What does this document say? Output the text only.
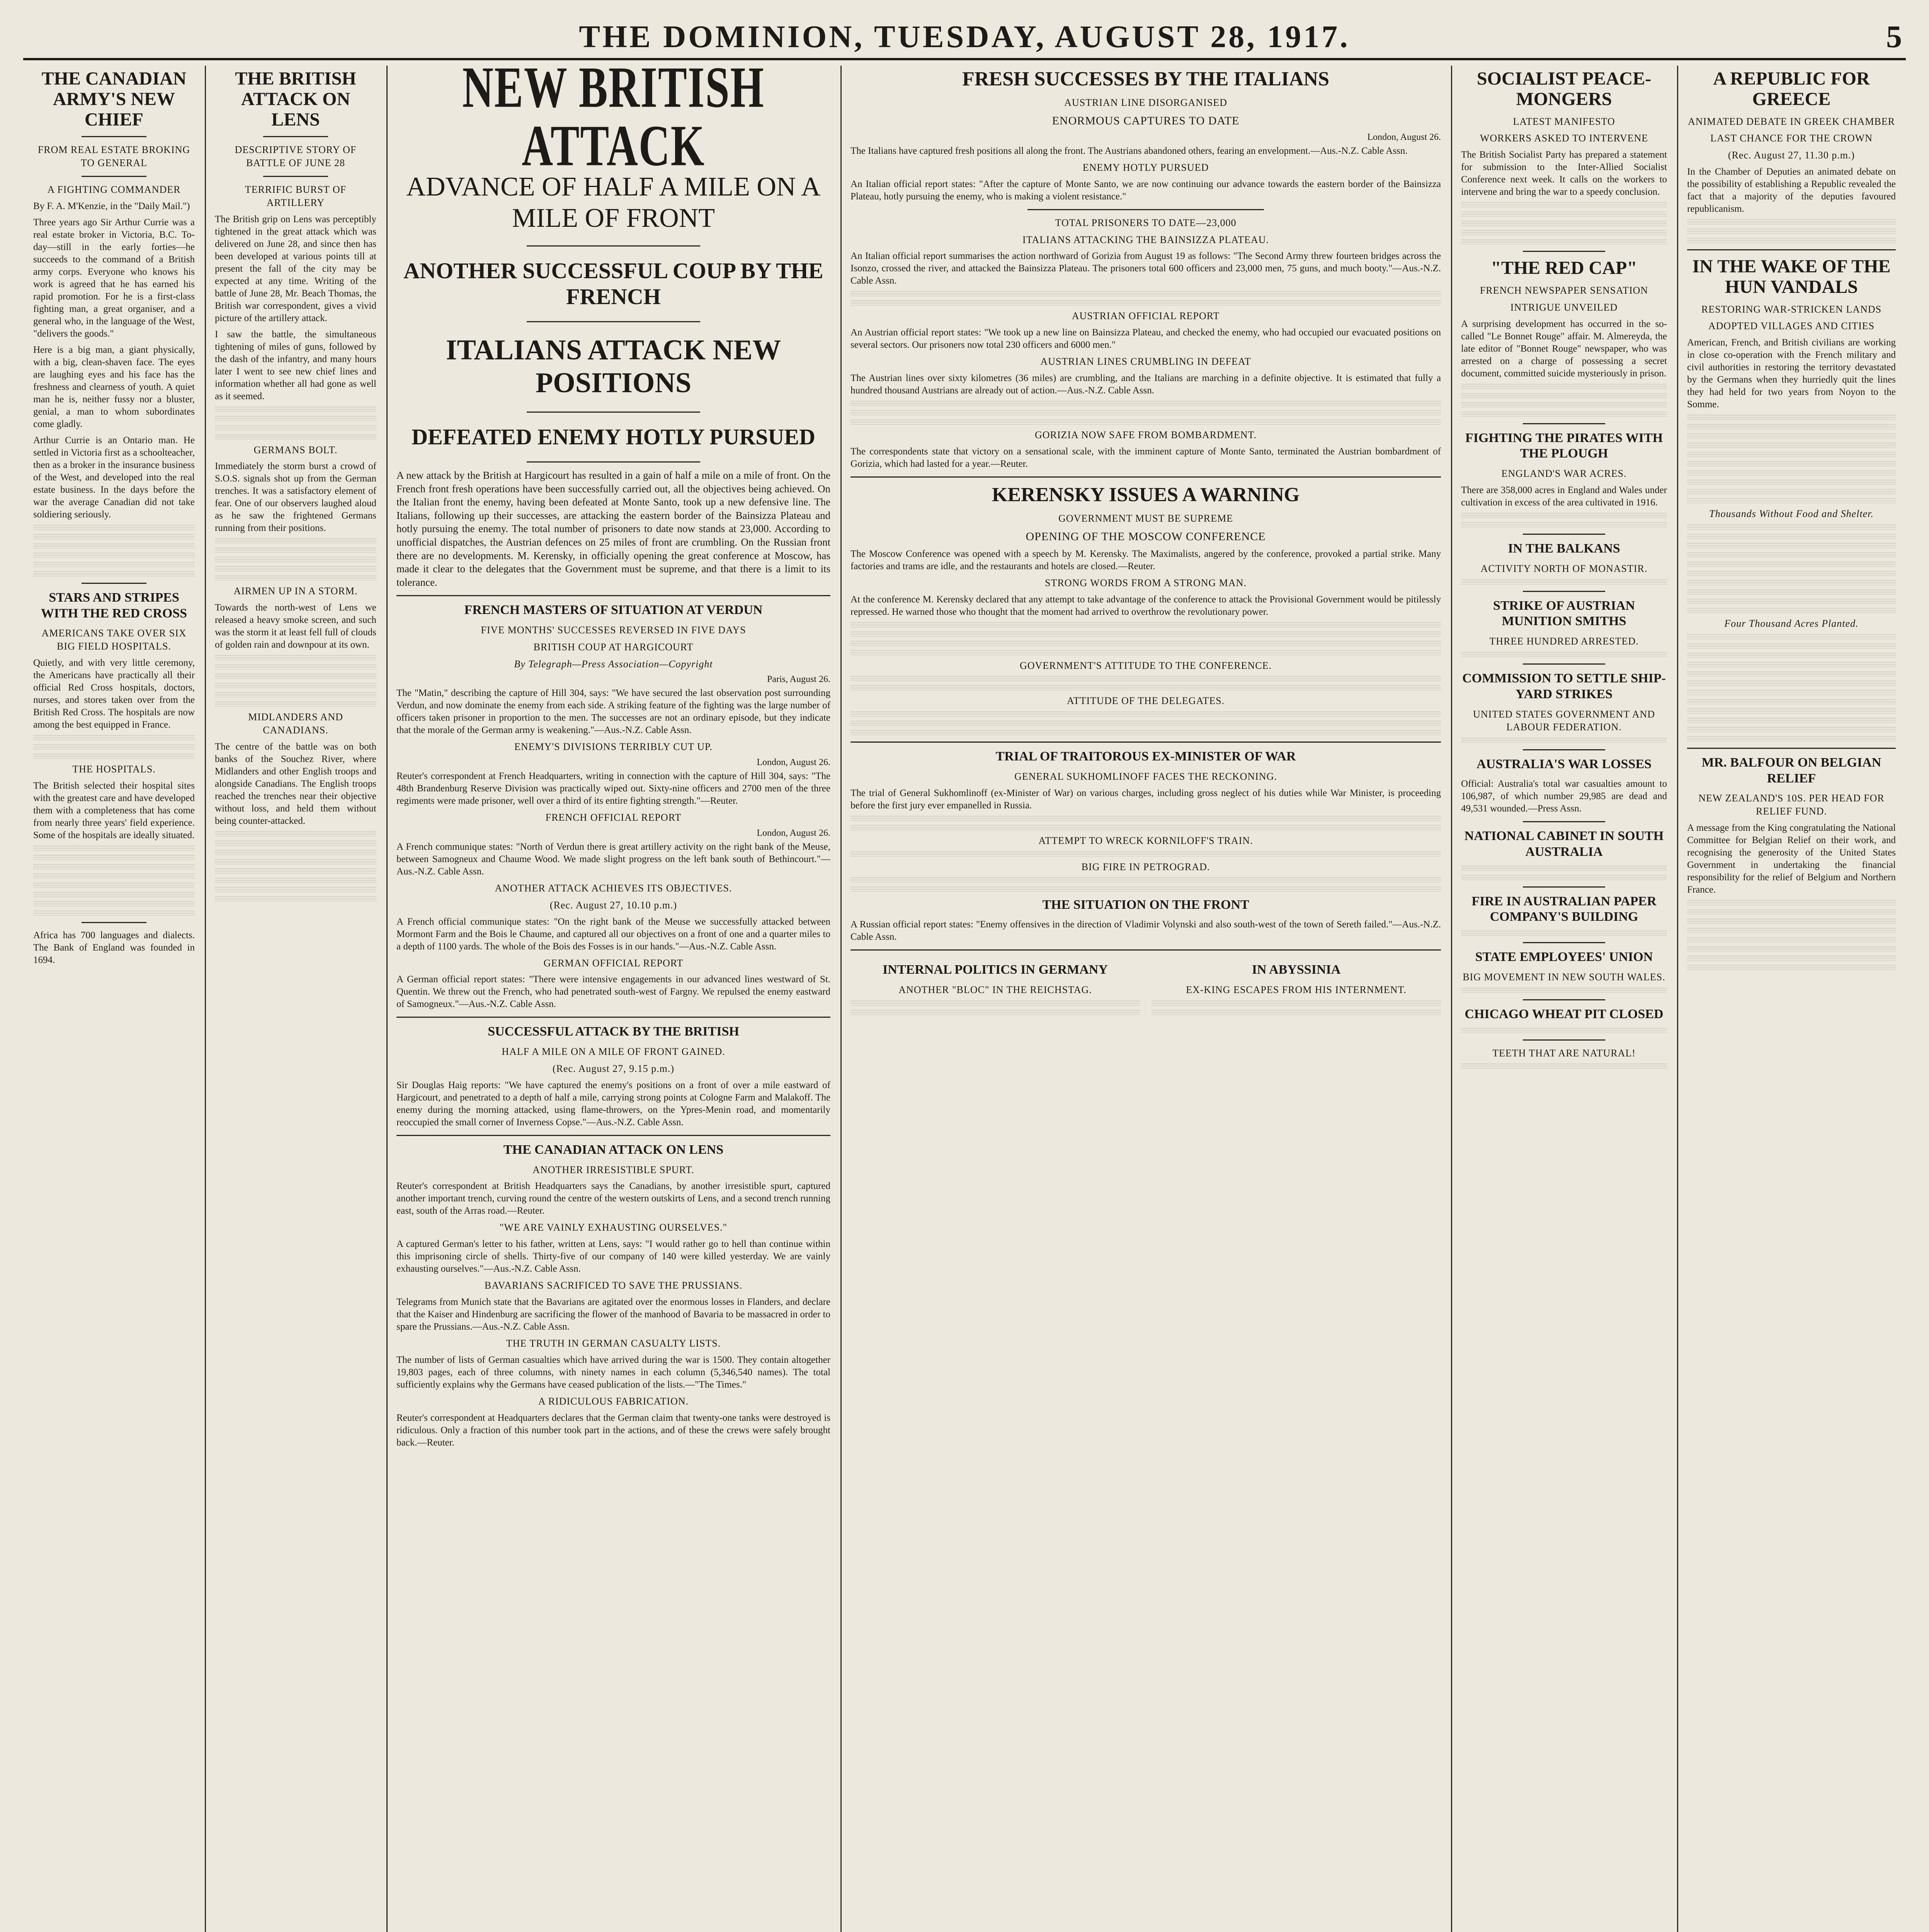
THE DOMINION, TUESDAY, AUGUST 28, 1917.	5
THE CANADIAN ARMY'S NEW CHIEF
FROM REAL ESTATE BROKING TO GENERAL
A FIGHTING COMMANDER

By F. A. M'Kenzie, in the "Daily Mail.")

Three years ago Sir Arthur Currie was a real estate broker in Victoria, B.C. To-day—still in the early forties—he succeeds to the command of a British army corps. Everyone who knows his work is agreed that he has earned his rapid promotion. For he is a first-class fighting man, a great organiser, and a general who, in the language of the West, "delivers the goods."

Here is a big man, a giant physically, with a big, clean-shaven face. The eyes are laughing eyes and his face has the freshness and clearness of youth. A quiet man he is, neither fussy nor a bluster, genial, a man to whom subordinates come gladly.

Arthur Currie is an Ontario man. He settled in Victoria first as a schoolteacher, then as a broker in the insurance business of the West, and developed into the real estate business. In the days before the war the average Canadian did not take soldiering seriously.

STARS AND STRIPES WITH THE RED CROSS
AMERICANS TAKE OVER SIX BIG FIELD HOSPITALS.

Quietly, and with very little ceremony, the Americans have practically all their official Red Cross hospitals, doctors, nurses, and stores taken over from the British Red Cross. The hospitals are now among the best equipped in France.

THE HOSPITALS.

The British selected their hospital sites with the greatest care and have developed them with a completeness that has come from nearly three years' field experience. Some of the hospitals are ideally situated.

Africa has 700 languages and dialects. The Bank of England was founded in 1694.

THE BRITISH ATTACK ON LENS
DESCRIPTIVE STORY OF BATTLE OF JUNE 28
TERRIFIC BURST OF ARTILLERY

The British grip on Lens was perceptibly tightened in the great attack which was delivered on June 28, and since then has been developed at various points till at present the fall of the city may be expected at any time. Writing of the battle of June 28, Mr. Beach Thomas, the British war correspondent, gives a vivid picture of the artillery attack.

I saw the battle, the simultaneous tightening of miles of guns, followed by the dash of the infantry, and many hours later I went to see new chief lines and information whether all had gone as well as it seemed.

GERMANS BOLT.

Immediately the storm burst a crowd of S.O.S. signals shot up from the German trenches. It was a satisfactory element of fear. One of our observers laughed aloud as he saw the frightened Germans running from their positions.

AIRMEN UP IN A STORM.

Towards the north-west of Lens we released a heavy smoke screen, and such was the storm it at least fell full of clouds of golden rain and downpour at its own.

MIDLANDERS AND CANADIANS.

The centre of the battle was on both banks of the Souchez River, where Midlanders and other English troops and alongside Canadians. The English troops reached the trenches near their objective without loss, and held them without being counter-attacked.

NEW BRITISH ATTACK
ADVANCE OF HALF A MILE ON A MILE OF FRONT
ANOTHER SUCCESSFUL COUP BY THE FRENCH
ITALIANS ATTACK NEW POSITIONS
DEFEATED ENEMY HOTLY PURSUED

A new attack by the British at Hargicourt has resulted in a gain of half a mile on a mile of front. On the French front fresh operations have been successfully carried out, all the objectives being achieved. On the Italian front the enemy, having been defeated at Monte Santo, took up a new defensive line. The Italians, following up their successes, are attacking the eastern border of the Bainsizza Plateau and hotly pursuing the enemy. The total number of prisoners to date now stands at 23,000. According to unofficial dispatches, the Austrian defences on 25 miles of front are crumbling. On the Russian front there are no developments. M. Kerensky, in officially opening the great conference at Moscow, has made it clear to the delegates that the Government must be supreme, and that there is a limit to its tolerance.

FRENCH MASTERS OF SITUATION AT VERDUN
FIVE MONTHS' SUCCESSES REVERSED IN FIVE DAYS
BRITISH COUP AT HARGICOURT
By Telegraph—Press Association—Copyright
Paris, August 26.

The "Matin," describing the capture of Hill 304, says: "We have secured the last observation post surrounding Verdun, and now dominate the enemy from each side. A striking feature of the fighting was the large number of officers taken prisoner in proportion to the men. The successes are not an ordinary episode, but they indicate that the morale of the German army is weakening."—Aus.-N.Z. Cable Assn.

ENEMY'S DIVISIONS TERRIBLY CUT UP.
London, August 26.

Reuter's correspondent at French Headquarters, writing in connection with the capture of Hill 304, says: "The 48th Brandenburg Reserve Division was practically wiped out. Sixty-nine officers and 2700 men of the three regiments were made prisoner, well over a third of its entire fighting strength."—Reuter.

FRENCH OFFICIAL REPORT
London, August 26.

A French communique states: "North of Verdun there is great artillery activity on the right bank of the Meuse, between Samogneux and Chaume Wood. We made slight progress on the left bank south of Bethincourt."—Aus.-N.Z. Cable Assn.

ANOTHER ATTACK ACHIEVES ITS OBJECTIVES.
(Rec. August 27, 10.10 p.m.)

A French official communique states: "On the right bank of the Meuse we successfully attacked between Mormont Farm and the Bois le Chaume, and captured all our objectives on a front of one and a quarter miles to a depth of 1100 yards. The whole of the Bois des Fosses is in our hands."—Aus.-N.Z. Cable Assn.

GERMAN OFFICIAL REPORT

A German official report states: "There were intensive engagements in our advanced lines westward of St. Quentin. We threw out the French, who had penetrated south-west of Fargny. We repulsed the enemy eastward of Samogneux."—Aus.-N.Z. Cable Assn.

SUCCESSFUL ATTACK BY THE BRITISH
HALF A MILE ON A MILE OF FRONT GAINED.
(Rec. August 27, 9.15 p.m.)

Sir Douglas Haig reports: "We have captured the enemy's positions on a front of over a mile eastward of Hargicourt, and penetrated to a depth of half a mile, carrying strong points at Cologne Farm and Malakoff. The enemy during the morning attacked, using flame-throwers, on the Ypres-Menin road, and momentarily reoccupied the small corner of Inverness Copse."—Aus.-N.Z. Cable Assn.

THE CANADIAN ATTACK ON LENS
ANOTHER IRRESISTIBLE SPURT.

Reuter's correspondent at British Headquarters says the Canadians, by another irresistible spurt, captured another important trench, curving round the centre of the western outskirts of Lens, and a second trench running east, south of the Arras road.—Reuter.

"WE ARE VAINLY EXHAUSTING OURSELVES."

A captured German's letter to his father, written at Lens, says: "I would rather go to hell than continue within this imprisoning circle of shells. Thirty-five of our company of 140 were killed yesterday. We are vainly exhausting ourselves."—Aus.-N.Z. Cable Assn.

BAVARIANS SACRIFICED TO SAVE THE PRUSSIANS.

Telegrams from Munich state that the Bavarians are agitated over the enormous losses in Flanders, and declare that the Kaiser and Hindenburg are sacrificing the flower of the manhood of Bavaria to be massacred in order to spare the Prussians.—Aus.-N.Z. Cable Assn.

THE TRUTH IN GERMAN CASUALTY LISTS.

The number of lists of German casualties which have arrived during the war is 1500. They contain altogether 19,803 pages, each of three columns, with ninety names in each column (5,346,540 names). The total sufficiently explains why the Germans have ceased publication of the lists.—"The Times."

A RIDICULOUS FABRICATION.

Reuter's correspondent at Headquarters declares that the German claim that twenty-one tanks were destroyed is ridiculous. Only a fraction of this number took part in the actions, and of these the crews were safely brought back.—Reuter.

FRESH SUCCESSES BY THE ITALIANS
AUSTRIAN LINE DISORGANISED
ENORMOUS CAPTURES TO DATE
London, August 26.

The Italians have captured fresh positions all along the front. The Austrians abandoned others, fearing an envelopment.—Aus.-N.Z. Cable Assn.

ENEMY HOTLY PURSUED

An Italian official report states: "After the capture of Monte Santo, we are now continuing our advance towards the eastern border of the Bainsizza Plateau, hotly pursuing the enemy, who is making a violent resistance."

TOTAL PRISONERS TO DATE—23,000
ITALIANS ATTACKING THE BAINSIZZA PLATEAU.

An Italian official report summarises the action northward of Gorizia from August 19 as follows: "The Second Army threw fourteen bridges across the Isonzo, crossed the river, and attacked the Bainsizza Plateau. The prisoners total 600 officers and 23,000 men, 75 guns, and much booty."—Aus.-N.Z. Cable Assn.

AUSTRIAN OFFICIAL REPORT

An Austrian official report states: "We took up a new line on Bainsizza Plateau, and checked the enemy, who had occupied our evacuated positions on several sectors. Our prisoners now total 230 officers and 6000 men."

AUSTRIAN LINES CRUMBLING IN DEFEAT

The Austrian lines over sixty kilometres (36 miles) are crumbling, and the Italians are marching in a definite objective. It is estimated that fully a hundred thousand Austrians are already out of action.—Aus.-N.Z. Cable Assn.

GORIZIA NOW SAFE FROM BOMBARDMENT.

The correspondents state that victory on a sensational scale, with the imminent capture of Monte Santo, terminated the Austrian bombardment of Gorizia, which had lasted for a year.—Reuter.

KERENSKY ISSUES A WARNING
GOVERNMENT MUST BE SUPREME
OPENING OF THE MOSCOW CONFERENCE

The Moscow Conference was opened with a speech by M. Kerensky. The Maximalists, angered by the conference, provoked a partial strike. Many factories and trams are idle, and the restaurants and hotels are closed.—Reuter.

STRONG WORDS FROM A STRONG MAN.

At the conference M. Kerensky declared that any attempt to take advantage of the conference to attack the Provisional Government would be pitilessly repressed. He warned those who thought that the moment had arrived to overthrow the revolutionary power.

GOVERNMENT'S ATTITUDE TO THE CONFERENCE.
ATTITUDE OF THE DELEGATES.
TRIAL OF TRAITOROUS EX-MINISTER OF WAR
GENERAL SUKHOMLINOFF FACES THE RECKONING.

The trial of General Sukhomlinoff (ex-Minister of War) on various charges, including gross neglect of his duties while War Minister, is proceeding before the first jury ever empanelled in Russia.

ATTEMPT TO WRECK KORNILOFF'S TRAIN.
BIG FIRE IN PETROGRAD.
THE SITUATION ON THE FRONT

A Russian official report states: "Enemy offensives in the direction of Vladimir Volynski and also south-west of the town of Sereth failed."—Aus.-N.Z. Cable Assn.

INTERNAL POLITICS IN GERMANY
ANOTHER "BLOC" IN THE REICHSTAG.
IN ABYSSINIA
EX-KING ESCAPES FROM HIS INTERNMENT.
SOCIALIST PEACE-MONGERS
LATEST MANIFESTO
WORKERS ASKED TO INTERVENE

The British Socialist Party has prepared a statement for submission to the Inter-Allied Socialist Conference next week. It calls on the workers to intervene and bring the war to a speedy conclusion.

"THE RED CAP"
FRENCH NEWSPAPER SENSATION
INTRIGUE UNVEILED

A surprising development has occurred in the so-called "Le Bonnet Rouge" affair. M. Almereyda, the late editor of "Bonnet Rouge" newspaper, who was arrested on a charge of possessing a secret document, committed suicide mysteriously in prison.

FIGHTING THE PIRATES WITH THE PLOUGH
ENGLAND'S WAR ACRES.

There are 358,000 acres in England and Wales under cultivation in excess of the area cultivated in 1916.

IN THE BALKANS
ACTIVITY NORTH OF MONASTIR.
STRIKE OF AUSTRIAN MUNITION SMITHS
THREE HUNDRED ARRESTED.
COMMISSION TO SETTLE SHIP-YARD STRIKES
UNITED STATES GOVERNMENT AND LABOUR FEDERATION.
AUSTRALIA'S WAR LOSSES

Official: Australia's total war casualties amount to 106,987, of which number 29,985 are dead and 49,531 wounded.—Press Assn.

NATIONAL CABINET IN SOUTH AUSTRALIA
FIRE IN AUSTRALIAN PAPER COMPANY'S BUILDING
STATE EMPLOYEES' UNION
BIG MOVEMENT IN NEW SOUTH WALES.
CHICAGO WHEAT PIT CLOSED
TEETH THAT ARE NATURAL!
A REPUBLIC FOR GREECE
ANIMATED DEBATE IN GREEK CHAMBER
LAST CHANCE FOR THE CROWN
(Rec. August 27, 11.30 p.m.)

In the Chamber of Deputies an animated debate on the possibility of establishing a Republic revealed the fact that a majority of the deputies favoured republicanism.

IN THE WAKE OF THE HUN VANDALS
RESTORING WAR-STRICKEN LANDS
ADOPTED VILLAGES AND CITIES

American, French, and British civilians are working in close co-operation with the French military and civil authorities in restoring the territory devastated by the Germans when they hurriedly quit the lines they had held for two years from Noyon to the Somme.

Thousands Without Food and Shelter.
Four Thousand Acres Planted.
MR. BALFOUR ON BELGIAN RELIEF
NEW ZEALAND'S 10S. PER HEAD FOR RELIEF FUND.

A message from the King congratulating the National Committee for Belgian Relief on their work, and recognising the generosity of the United States Government in undertaking the financial responsibility for the relief of Belgium and Northern France.
